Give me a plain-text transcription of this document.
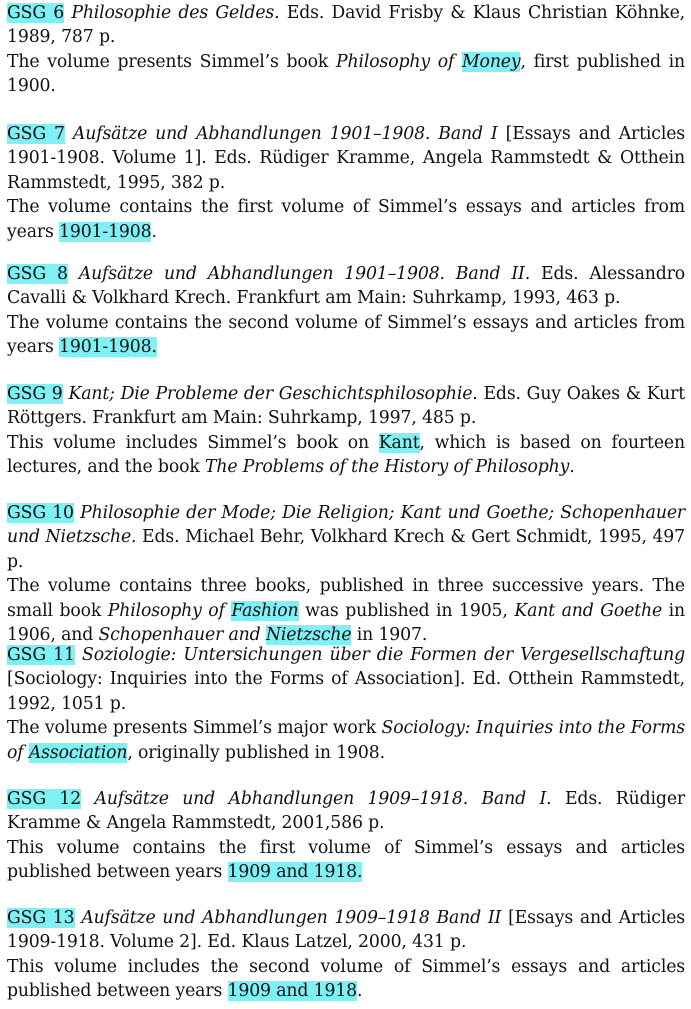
GSG 6 Philosophie des Geldes. Eds. David Frisby & Klaus Christian Köhnke, 1989, 787 p.

The volume presents Simmel’s book Philosophy of Money, first published in 1900.

GSG 7 Aufsätze und Abhandlungen 1901–1908. Band I [Essays and Articles 1901-1908. Volume 1]. Eds. Rüdiger Kramme, Angela Rammstedt & Otthein Rammstedt, 1995, 382 p.

The volume contains the first volume of Simmel’s essays and articles from years 1901-1908.

GSG 8 Aufsätze und Abhandlungen 1901–1908. Band II. Eds. Alessandro Cavalli & Volkhard Krech. Frankfurt am Main: Suhrkamp, 1993, 463 p.

The volume contains the second volume of Simmel’s essays and articles from years 1901-1908.

GSG 9 Kant; Die Probleme der Geschichtsphilosophie. Eds. Guy Oakes & Kurt Röttgers. Frankfurt am Main: Suhrkamp, 1997, 485 p.

This volume includes Simmel’s book on Kant, which is based on fourteen lectures, and the book The Problems of the History of Philosophy.

GSG 10 Philosophie der Mode; Die Religion; Kant und Goethe; Schopenhauer und Nietzsche. Eds. Michael Behr, Volkhard Krech & Gert Schmidt, 1995, 497 p.

The volume contains three books, published in three successive years. The small book Philosophy of Fashion was published in 1905, Kant and Goethe in 1906, and Schopenhauer and Nietzsche in 1907.

GSG 11 Soziologie: Untersichungen über die Formen der Vergesellschaftung [Sociology: Inquiries into the Forms of Association]. Ed. Otthein Rammstedt, 1992, 1051 p.

The volume presents Simmel’s major work Sociology: Inquiries into the Forms of Association, originally published in 1908.

GSG 12 Aufsätze und Abhandlungen 1909–1918. Band I. Eds. Rüdiger Kramme & Angela Rammstedt, 2001,586 p.

This volume contains the first volume of Simmel’s essays and articles published between years 1909 and 1918.

GSG 13 Aufsätze und Abhandlungen 1909–1918 Band II [Essays and Articles 1909-1918. Volume 2]. Ed. Klaus Latzel, 2000, 431 p.

This volume includes the second volume of Simmel’s essays and articles published between years 1909 and 1918.
